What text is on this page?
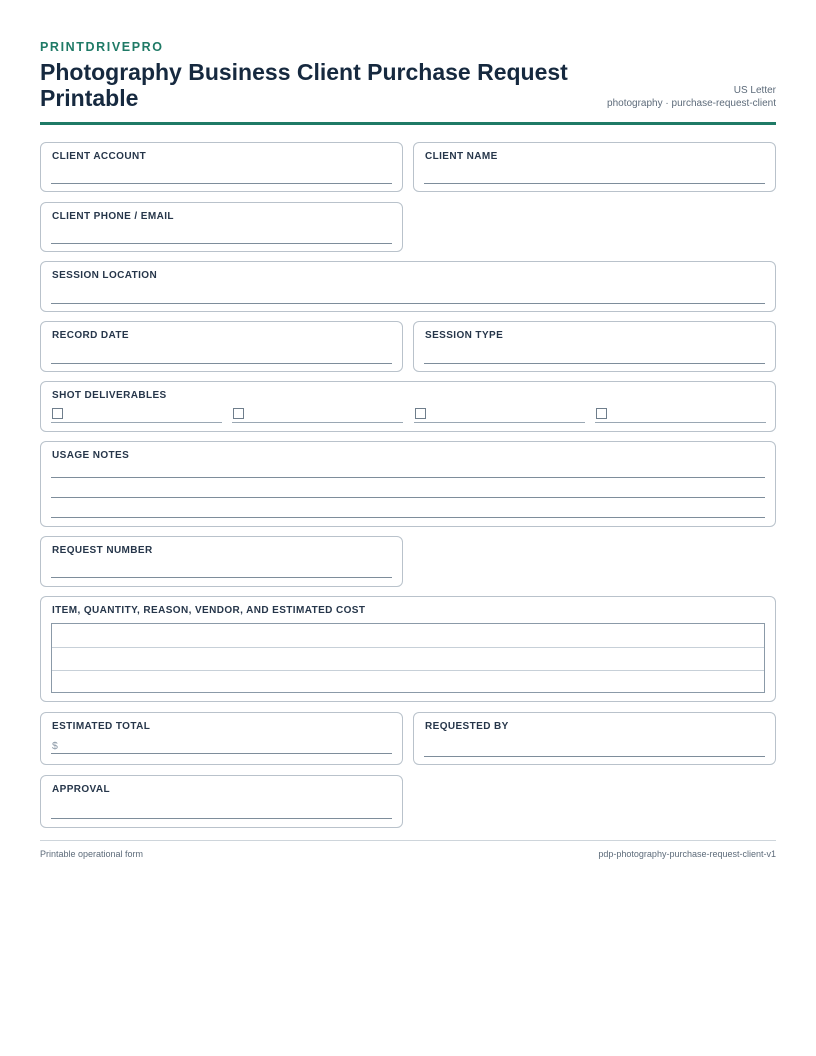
PRINTDRIVEPRO
Photography Business Client Purchase Request Printable	US Letter
photography · purchase-request-client
CLIENT ACCOUNT	CLIENT NAME
CLIENT PHONE / EMAIL
SESSION LOCATION
RECORD DATE	SESSION TYPE
SHOT DELIVERABLES
USAGE NOTES
REQUEST NUMBER
ITEM, QUANTITY, REASON, VENDOR, AND ESTIMATED COST
ESTIMATED TOTAL
$
REQUESTED BY
APPROVAL
Printable operational form	pdp-photography-purchase-request-client-v1
